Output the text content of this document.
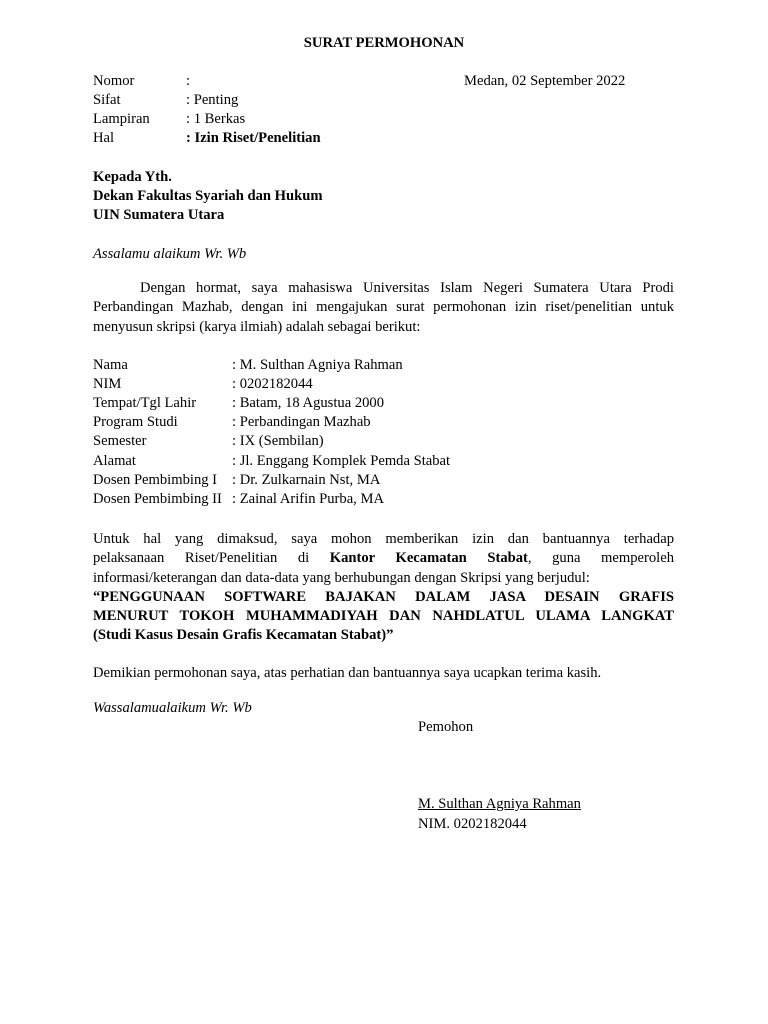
SURAT PERMOHONAN
Nomor	:	Medan, 02 September 2022
Sifat	: Penting
Lampiran : 1 Berkas
Hal	: Izin Riset/Penelitian
Kepada Yth.
Dekan Fakultas Syariah dan Hukum
UIN Sumatera Utara
Assalamu alaikum Wr. Wb
Dengan hormat, saya mahasiswa Universitas Islam Negeri Sumatera Utara Prodi
Perbandingan Mazhab, dengan ini mengajukan surat permohonan izin riset/penelitian untuk
menyusun skripsi (karya ilmiah) adalah sebagai berikut:
Nama	: M. Sulthan Agniya Rahman
NIM	: 0202182044
Tempat/Tgl Lahir : Batam, 18 Agustua 2000
Program Studi	: Perbandingan Mazhab
Semester	: IX (Sembilan)
Alamat	: Jl. Enggang Komplek Pemda Stabat
Dosen Pembimbing I : Dr. Zulkarnain Nst, MA
Dosen Pembimbing II : Zainal Arifin Purba, MA
Untuk hal yang dimaksud, saya mohon memberikan izin dan bantuannya terhadap
pelaksanaan Riset/Penelitian di Kantor Kecamatan Stabat, guna memperoleh
informasi/keterangan dan data-data yang berhubungan dengan Skripsi yang berjudul:
“PENGGUNAAN SOFTWARE BAJAKAN DALAM JASA DESAIN GRAFIS
MENURUT TOKOH MUHAMMADIYAH DAN NAHDLATUL ULAMA LANGKAT
(Studi Kasus Desain Grafis Kecamatan Stabat)”
Demikian permohonan saya, atas perhatian dan bantuannya saya ucapkan terima kasih.
Wassalamualaikum Wr. Wb
Pemohon
M. Sulthan Agniya Rahman
NIM. 0202182044
